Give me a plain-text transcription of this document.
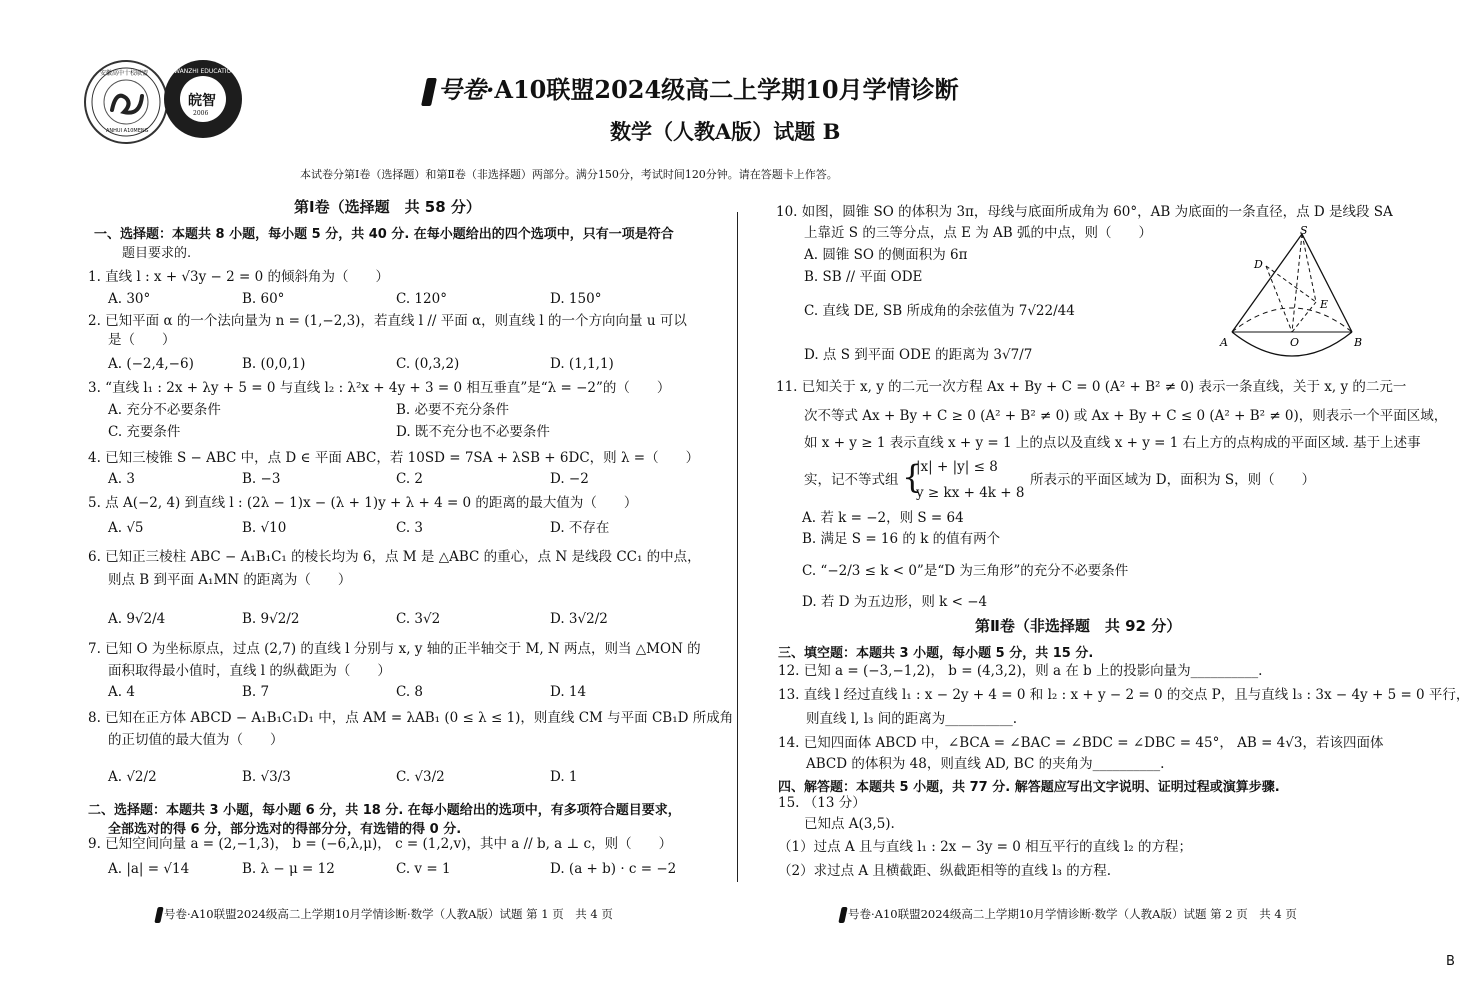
安徽高中十校联盟
ANHUI A10MENG
WANZHI EDUCATION
皖智
2006
号卷·A10联盟2024级高二上学期10月学情诊断
数学（人教A版）试题 B
本试卷分第Ⅰ卷（选择题）和第Ⅱ卷（非选择题）两部分。满分150分，考试时间120分钟。请在答题卡上作答。
第Ⅰ卷（选择题　共 58 分）
一、选择题：本题共 8 小题，每小题 5 分，共 40 分. 在每小题给出的四个选项中，只有一项是符合
题目要求的.
1. 直线 l : x + √3y − 2 = 0 的倾斜角为（　　）
A. 30°	B. 60°	C. 120°	D. 150°
2. 已知平面 α 的一个法向量为 n = (1,−2,3)，若直线 l // 平面 α，则直线 l 的一个方向向量 u 可以
是（　　）
A. (−2,4,−6)	B. (0,0,1)	C. (0,3,2)	D. (1,1,1)
3. “直线 l₁ : 2x + λy + 5 = 0 与直线 l₂ : λ²x + 4y + 3 = 0 相互垂直”是“λ = −2”的（　　）
A. 充分不必要条件	B. 必要不充分条件
C. 充要条件	D. 既不充分也不必要条件
4. 已知三棱锥 S − ABC 中，点 D ∈ 平面 ABC，若 10SD = 7SA + λSB + 6DC，则 λ =（　　）
A. 3	B. −3	C. 2	D. −2
5. 点 A(−2, 4) 到直线 l : (2λ − 1)x − (λ + 1)y + λ + 4 = 0 的距离的最大值为（　　）
A. √5	B. √10	C. 3	D. 不存在
6. 已知正三棱柱 ABC − A₁B₁C₁ 的棱长均为 6，点 M 是 △ABC 的重心，点 N 是线段 CC₁ 的中点，
则点 B 到平面 A₁MN 的距离为（　　）
A. 9√2/4	B. 9√2/2	C. 3√2	D. 3√2/2
7. 已知 O 为坐标原点，过点 (2,7) 的直线 l 分别与 x, y 轴的正半轴交于 M, N 两点，则当 △MON 的
面积取得最小值时，直线 l 的纵截距为（　　）
A. 4	B. 7	C. 8	D. 14
8. 已知在正方体 ABCD − A₁B₁C₁D₁ 中，点 AM = λAB₁ (0 ≤ λ ≤ 1)，则直线 CM 与平面 CB₁D 所成角
的正切值的最大值为（　　）
A. √2/2	B. √3/3	C. √3/2	D. 1
二、选择题：本题共 3 小题，每小题 6 分，共 18 分. 在每小题给出的选项中，有多项符合题目要求，
全部选对的得 6 分，部分选对的得部分分，有选错的得 0 分.
9. 已知空间向量 a = (2,−1,3)， b = (−6,λ,μ)， c = (1,2,v)，其中 a // b, a ⊥ c，则（　　）
A. |a| = √14	B. λ − μ = 12	C. v = 1	D. (a + b) · c = −2
号卷·A10联盟2024级高二上学期10月学情诊断·数学（人教A版）试题 第 1 页　共 4 页
10. 如图，圆锥 SO 的体积为 3π，母线与底面所成角为 60°，AB 为底面的一条直径，点 D 是线段 SA
上靠近 S 的三等分点，点 E 为 AB 弧的中点，则（　　）
A. 圆锥 SO 的侧面积为 6π
B. SB // 平面 ODE
C. 直线 DE, SB 所成角的余弦值为 7√22/44
D. 点 S 到平面 ODE 的距离为 3√7/7
S
D
E
A	O	B
11. 已知关于 x, y 的二元一次方程 Ax + By + C = 0 (A² + B² ≠ 0) 表示一条直线，关于 x, y 的二元一
次不等式 Ax + By + C ≥ 0 (A² + B² ≠ 0) 或 Ax + By + C ≤ 0 (A² + B² ≠ 0)，则表示一个平面区域，
如 x + y ≥ 1 表示直线 x + y = 1 上的点以及直线 x + y = 1 右上方的点构成的平面区域. 基于上述事
实，记不等式组 {
|x| + |y| ≤ 8
y ≥ kx + 4k + 8
所表示的平面区域为 D，面积为 S，则（　　）
A. 若 k = −2，则 S = 64
B. 满足 S = 16 的 k 的值有两个
C. “−2/3 ≤ k < 0”是“D 为三角形”的充分不必要条件
D. 若 D 为五边形，则 k < −4
第Ⅱ卷（非选择题　共 92 分）
三、填空题：本题共 3 小题，每小题 5 分，共 15 分.
12. 已知 a = (−3,−1,2)， b = (4,3,2)，则 a 在 b 上的投影向量为__________.
13. 直线 l 经过直线 l₁ : x − 2y + 4 = 0 和 l₂ : x + y − 2 = 0 的交点 P，且与直线 l₃ : 3x − 4y + 5 = 0 平行，
则直线 l, l₃ 间的距离为__________.
14. 已知四面体 ABCD 中，∠BCA = ∠BAC = ∠BDC = ∠DBC = 45°， AB = 4√3，若该四面体
ABCD 的体积为 48，则直线 AD, BC 的夹角为__________.
四、解答题：本题共 5 小题，共 77 分. 解答题应写出文字说明、证明过程或演算步骤.
15. （13 分）
已知点 A(3,5).
（1）过点 A 且与直线 l₁ : 2x − 3y = 0 相互平行的直线 l₂ 的方程；
（2）求过点 A 且横截距、纵截距相等的直线 l₃ 的方程.
号卷·A10联盟2024级高二上学期10月学情诊断·数学（人教A版）试题 第 2 页　共 4 页
B
